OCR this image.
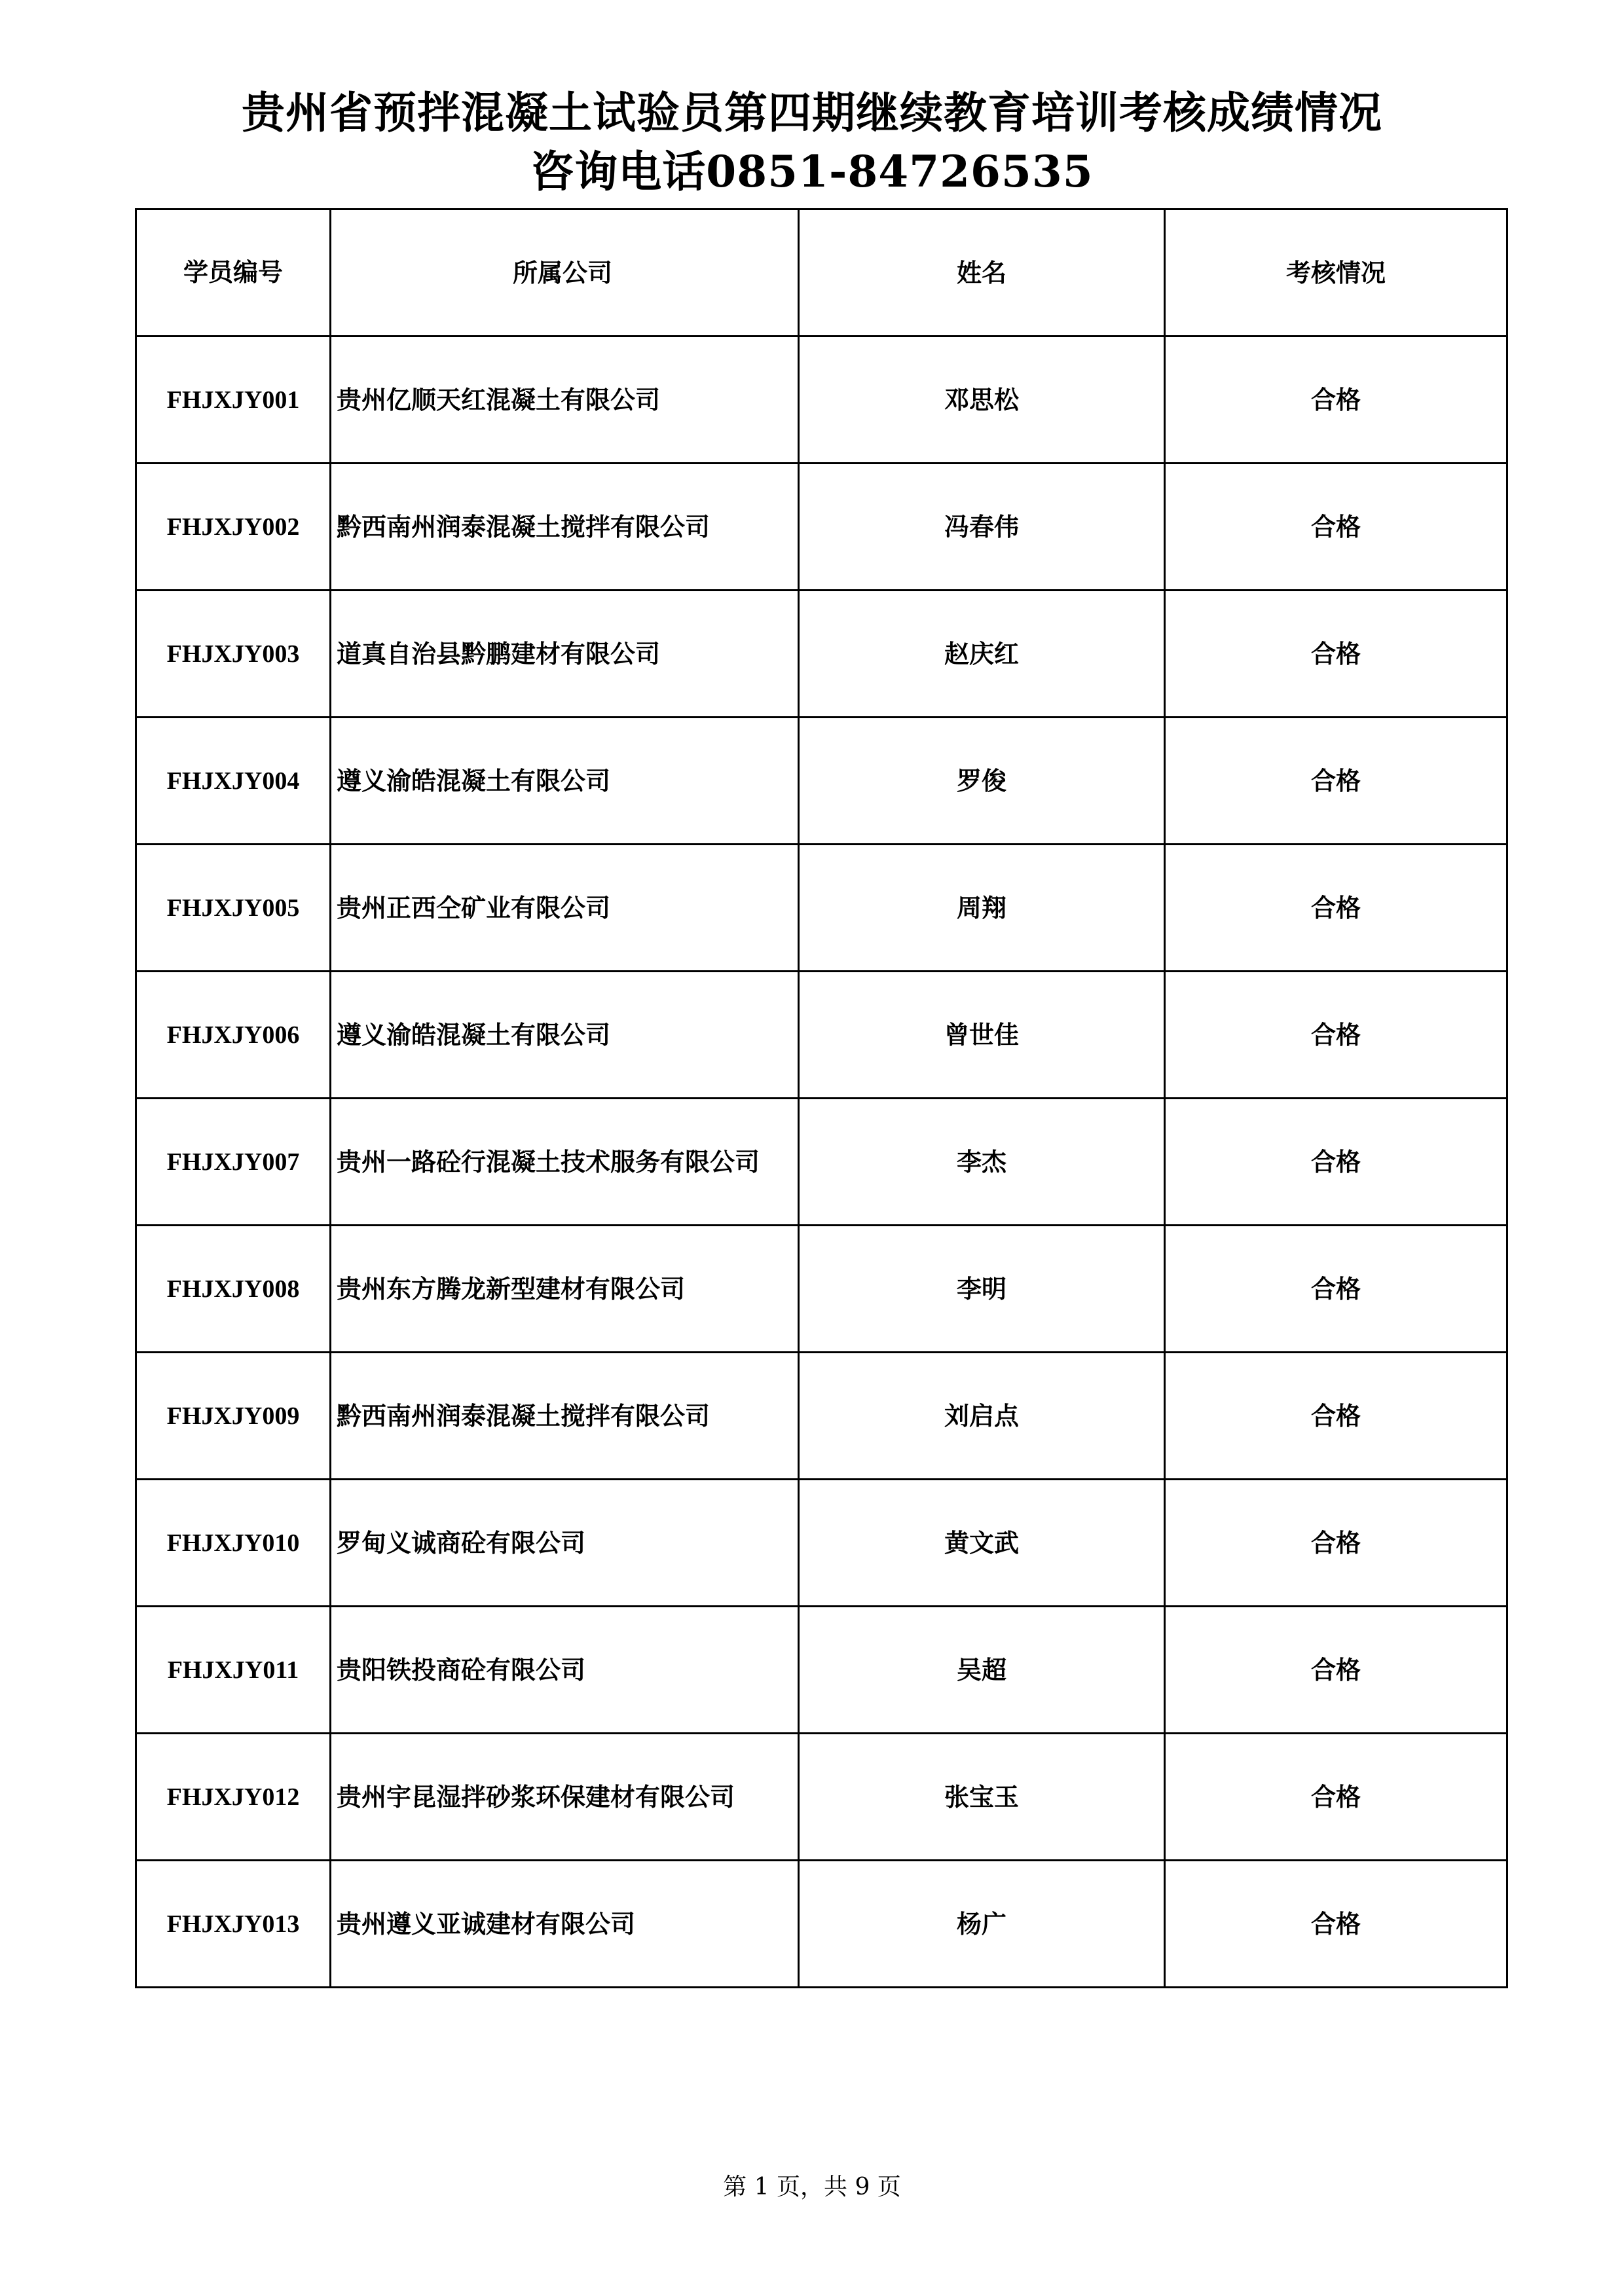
贵州省预拌混凝土试验员第四期继续教育培训考核成绩情况
咨询电话0851-84726535
学员编号	所属公司	姓名	考核情况
FHJXJY001	贵州亿顺天红混凝土有限公司	邓思松	合格
FHJXJY002	黔西南州润泰混凝土搅拌有限公司	冯春伟	合格
FHJXJY003	道真自治县黔鹏建材有限公司	赵庆红	合格
FHJXJY004	遵义渝皓混凝土有限公司	罗俊	合格
FHJXJY005	贵州正西仝矿业有限公司	周翔	合格
FHJXJY006	遵义渝皓混凝土有限公司	曾世佳	合格
FHJXJY007	贵州一路砼行混凝土技术服务有限公司	李杰	合格
FHJXJY008	贵州东方腾龙新型建材有限公司	李明	合格
FHJXJY009	黔西南州润泰混凝土搅拌有限公司	刘启点	合格
FHJXJY010	罗甸义诚商砼有限公司	黄文武	合格
FHJXJY011	贵阳铁投商砼有限公司	吴超	合格
FHJXJY012	贵州宇昆湿拌砂浆环保建材有限公司	张宝玉	合格
FHJXJY013	贵州遵义亚诚建材有限公司	杨广	合格
第 1 页，共 9 页
